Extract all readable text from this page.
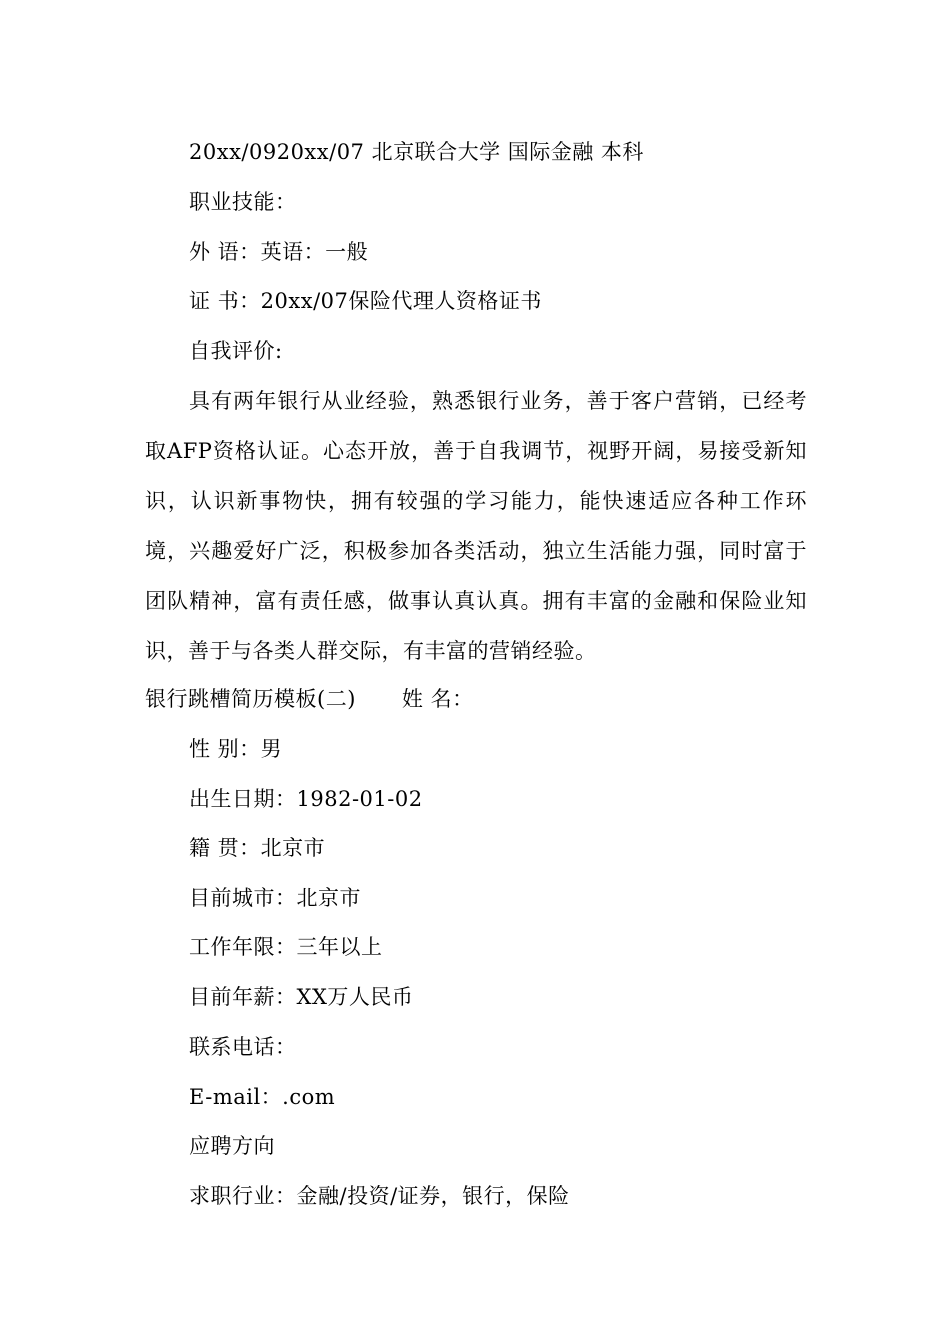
20xx/0920xx/07 北京联合大学 国际金融 本科
职业技能：
外 语：英语：一般
证 书：20xx/07保险代理人资格证书
自我评价:
具有两年银行从业经验，熟悉银行业务，善于客户营销，已经考取AFP资格认证。心态开放，善于自我调节，视野开阔，易接受新知识，认识新事物快，拥有较强的学习能力，能快速适应各种工作环境，兴趣爱好广泛，积极参加各类活动，独立生活能力强，同时富于团队精神，富有责任感，做事认真认真。拥有丰富的金融和保险业知识，善于与各类人群交际，有丰富的营销经验。
银行跳槽简历模板(二) 姓 名：
性 别：男
出生日期：1982-01-02
籍 贯：北京市
目前城市：北京市
工作年限：三年以上
目前年薪：XX万人民币
联系电话：
E-mail：.com
应聘方向
求职行业：金融/投资/证券，银行，保险
